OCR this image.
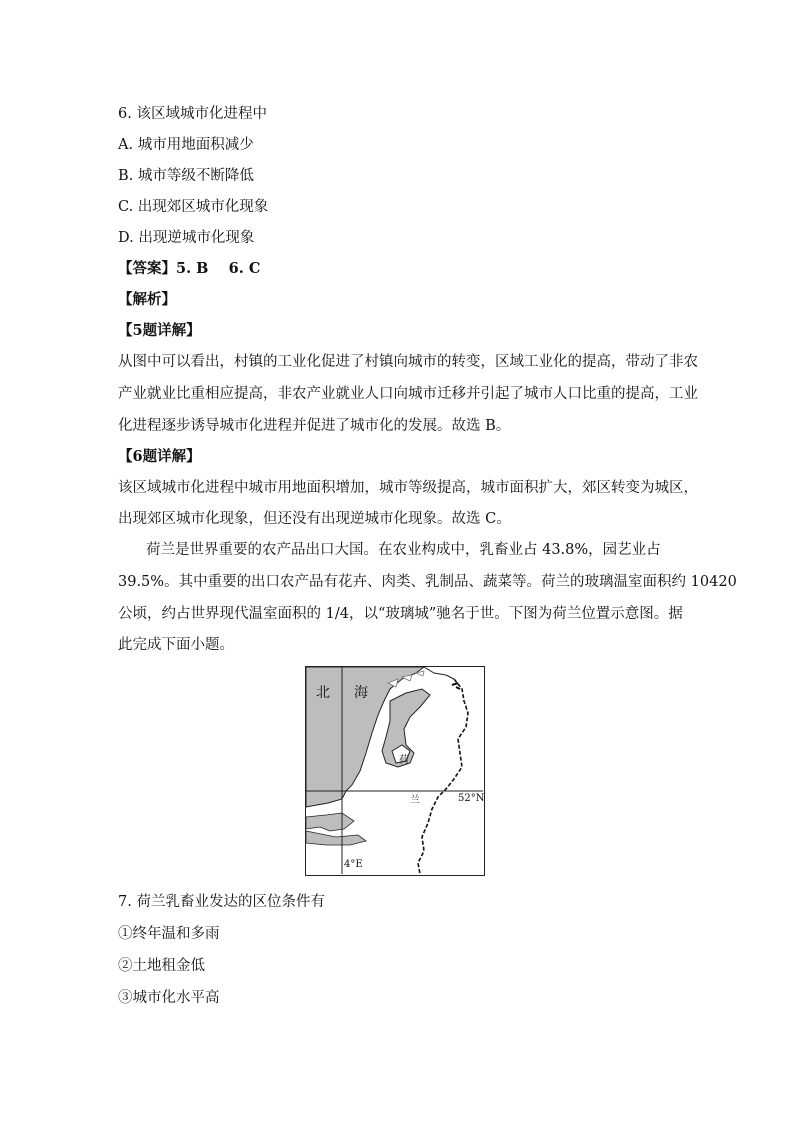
6. 该区域城市化进程中
A. 城市用地面积减少
B. 城市等级不断降低
C. 出现郊区城市化现象
D. 出现逆城市化现象
【答案】5. B    6. C
【解析】
【5题详解】
从图中可以看出，村镇的工业化促进了村镇向城市的转变，区域工业化的提高，带动了非农
产业就业比重相应提高，非农产业就业人口向城市迁移并引起了城市人口比重的提高，工业
化进程逐步诱导城市化进程并促进了城市化的发展。故选 B。
【6题详解】
该区域城市化进程中城市用地面积增加，城市等级提高，城市面积扩大，郊区转变为城区，
出现郊区城市化现象，但还没有出现逆城市化现象。故选 C。
荷兰是世界重要的农产品出口大国。在农业构成中，乳畜业占 43.8%，园艺业占
39.5%。其中重要的出口农产品有花卉、肉类、乳制品、蔬菜等。荷兰的玻璃温室面积约 10420
公顷，约占世界现代温室面积的 1/4，以“玻璃城”驰名于世。下图为荷兰位置示意图。据
此完成下面小题。
北 海
荷
兰	52°N
4°E
7. 荷兰乳畜业发达的区位条件有
①终年温和多雨
②土地租金低
③城市化水平高
